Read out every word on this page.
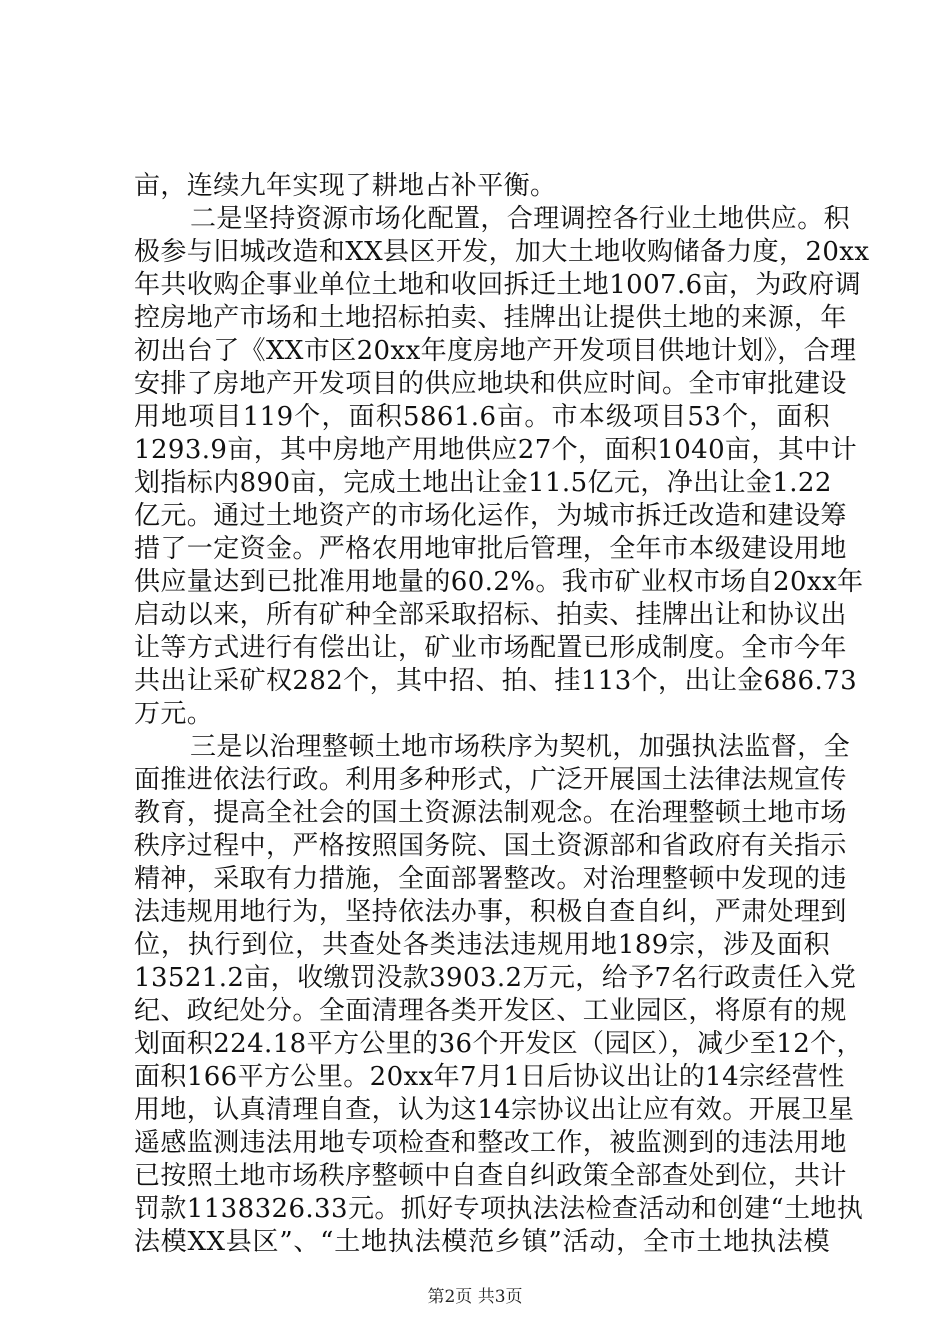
亩，连续九年实现了耕地占补平衡。
二是坚持资源市场化配置，合理调控各行业土地供应。积
极参与旧城改造和XX县区开发，加大土地收购储备力度，20xx
年共收购企事业单位土地和收回拆迁土地1007.6亩，为政府调
控房地产市场和土地招标拍卖、挂牌出让提供土地的来源，年
初出台了《XX市区20xx年度房地产开发项目供地计划》，合理
安排了房地产开发项目的供应地块和供应时间。全市审批建设
用地项目119个，面积5861.6亩。市本级项目53个，面积
1293.9亩，其中房地产用地供应27个，面积1040亩，其中计
划指标内890亩，完成土地出让金11.5亿元，净出让金1.22
亿元。通过土地资产的市场化运作，为城市拆迁改造和建设筹
措了一定资金。严格农用地审批后管理，全年市本级建设用地
供应量达到已批准用地量的60.2%。我市矿业权市场自20xx年
启动以来，所有矿种全部采取招标、拍卖、挂牌出让和协议出
让等方式进行有偿出让，矿业市场配置已形成制度。全市今年
共出让采矿权282个，其中招、拍、挂113个，出让金686.73
万元。
三是以治理整顿土地市场秩序为契机，加强执法监督，全
面推进依法行政。利用多种形式，广泛开展国土法律法规宣传
教育，提高全社会的国土资源法制观念。在治理整顿土地市场
秩序过程中，严格按照国务院、国土资源部和省政府有关指示
精神，采取有力措施，全面部署整改。对治理整顿中发现的违
法违规用地行为，坚持依法办事，积极自查自纠，严肃处理到
位，执行到位，共查处各类违法违规用地189宗，涉及面积
13521.2亩，收缴罚没款3903.2万元，给予7名行政责任入党
纪、政纪处分。全面清理各类开发区、工业园区，将原有的规
划面积224.18平方公里的36个开发区（园区），减少至12个，
面积166平方公里。20xx年7月1日后协议出让的14宗经营性
用地，认真清理自查，认为这14宗协议出让应有效。开展卫星
遥感监测违法用地专项检查和整改工作，被监测到的违法用地
已按照土地市场秩序整顿中自查自纠政策全部查处到位，共计
罚款1138326.33元。抓好专项执法法检查活动和创建“土地执
法模XX县区”、“土地执法模范乡镇”活动，全市土地执法模
第2页 共3页
